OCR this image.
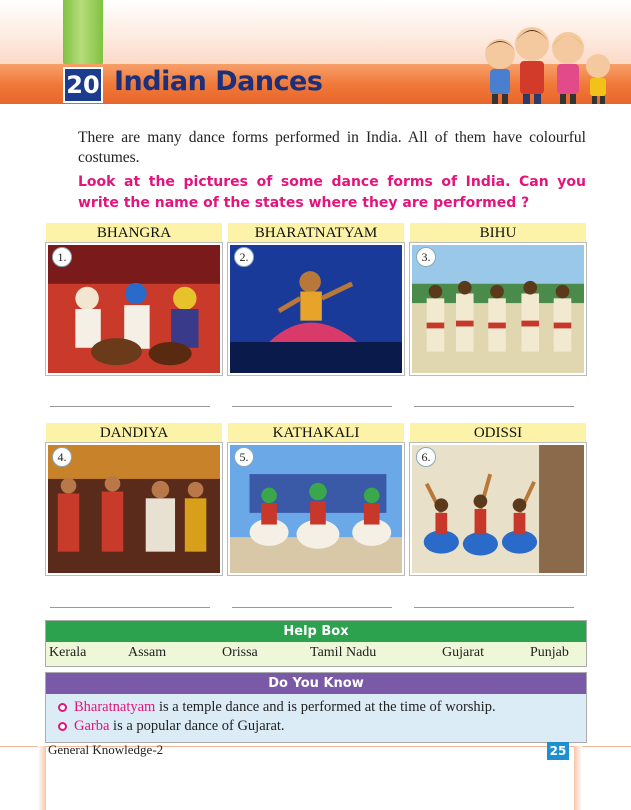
20 Indian Dances

There are many dance forms performed in India. All of them have colourful costumes.

Look at the pictures of some dance forms of India. Can you write the name of the states where they are performed ?

BHANGRA
1.
BHARATNATYAM
2.
BIHU
3.
DANDIYA
4.
KATHAKALI
5.
ODISSI
6.
Help Box
Kerala	Assam	Orissa	Tamil Nadu	Gujarat	Punjab
Do You Know
Bharatnatyam is a temple dance and is performed at the time of worship.
Garba is a popular dance of Gujarat.
General Knowledge-2	25
